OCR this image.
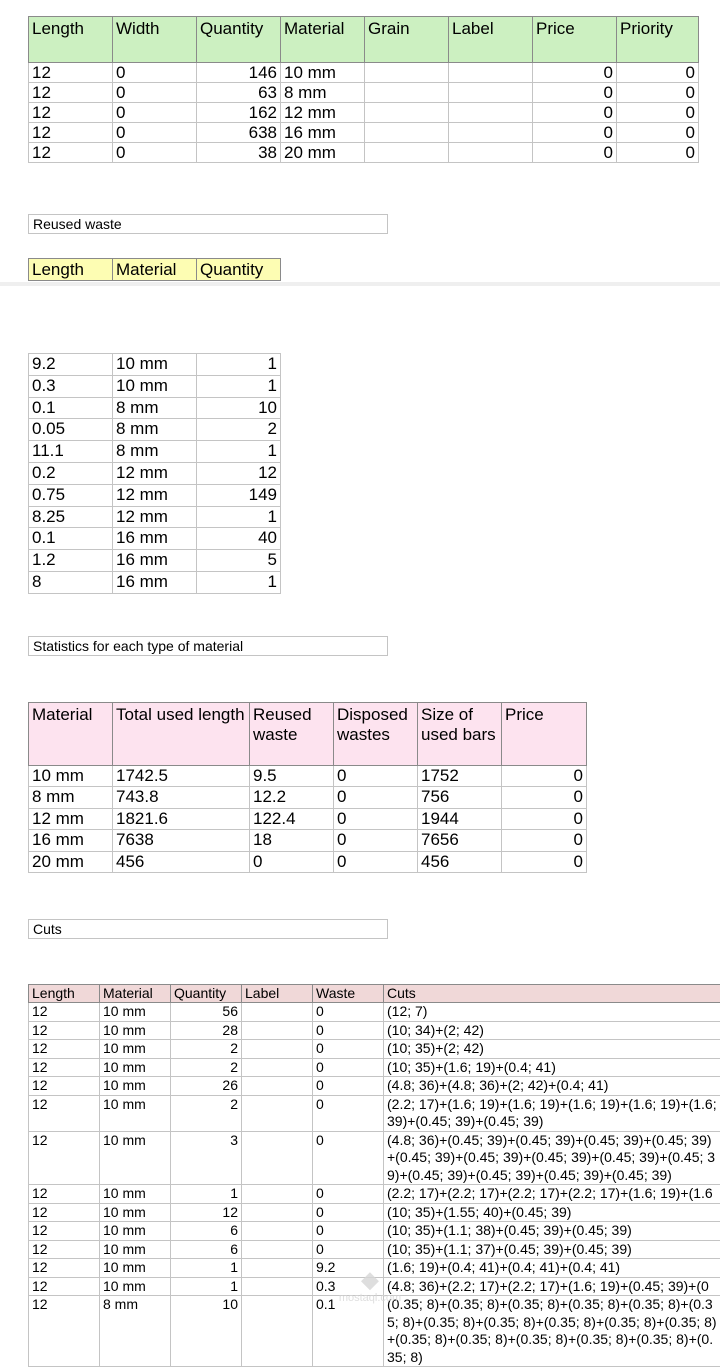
Length	Width	Quantity	Material	Grain	Label	Price	Priority
12	0	146	10 mm			0	0
12	0	63	8 mm			0	0
12	0	162	12 mm			0	0
12	0	638	16 mm			0	0
12	0	38	20 mm			0	0
Reused waste
Length	Material	Quantity
9.2	10 mm	1
0.3	10 mm	1
0.1	8 mm	10
0.05	8 mm	2
11.1	8 mm	1
0.2	12 mm	12
0.75	12 mm	149
8.25	12 mm	1
0.1	16 mm	40
1.2	16 mm	5
8	16 mm	1
Statistics for each type of material
Material	Total used length	Reused waste	Disposed wastes	Size of used bars	Price
10 mm	1742.5	9.5	0	1752	0
8 mm	743.8	12.2	0	756	0
12 mm	1821.6	122.4	0	1944	0
16 mm	7638	18	0	7656	0
20 mm	456	0	0	456	0
Cuts
Length	Material	Quantity	Label	Waste	Cuts
12	10 mm	56		0	(12; 7)
12	10 mm	28		0	(10; 34)+(2; 42)
12	10 mm	2		0	(10; 35)+(2; 42)
12	10 mm	2		0	(10; 35)+(1.6; 19)+(0.4; 41)
12	10 mm	26		0	(4.8; 36)+(4.8; 36)+(2; 42)+(0.4; 41)
12	10 mm	2		0	(2.2; 17)+(1.6; 19)+(1.6; 19)+(1.6; 19)+(1.6; 19)+(1.6; 39)+(0.45; 39)+(0.45; 39)
12	10 mm	3		0	(4.8; 36)+(0.45; 39)+(0.45; 39)+(0.45; 39)+(0.45; 39)+(0.45; 39)+(0.45; 39)+(0.45; 39)+(0.45; 39)+(0.45; 39)+(0.45; 39)+(0.45; 39)+(0.45; 39)+(0.45; 39)
12	10 mm	1		0	(2.2; 17)+(2.2; 17)+(2.2; 17)+(2.2; 17)+(1.6; 19)+(1.6
12	10 mm	12		0	(10; 35)+(1.55; 40)+(0.45; 39)
12	10 mm	6		0	(10; 35)+(1.1; 38)+(0.45; 39)+(0.45; 39)
12	10 mm	6		0	(10; 35)+(1.1; 37)+(0.45; 39)+(0.45; 39)
12	10 mm	1		9.2	(1.6; 19)+(0.4; 41)+(0.4; 41)+(0.4; 41)
12	10 mm	1		0.3	(4.8; 36)+(2.2; 17)+(2.2; 17)+(1.6; 19)+(0.45; 39)+(0
12	8 mm	10		0.1	(0.35; 8)+(0.35; 8)+(0.35; 8)+(0.35; 8)+(0.35; 8)+(0.35; 8)+(0.35; 8)+(0.35; 8)+(0.35; 8)+(0.35; 8)+(0.35; 8)+(0.35; 8)+(0.35; 8)+(0.35; 8)+(0.35; 8)+(0.35; 8)+(0.35; 8)
◆
mostaql.com
